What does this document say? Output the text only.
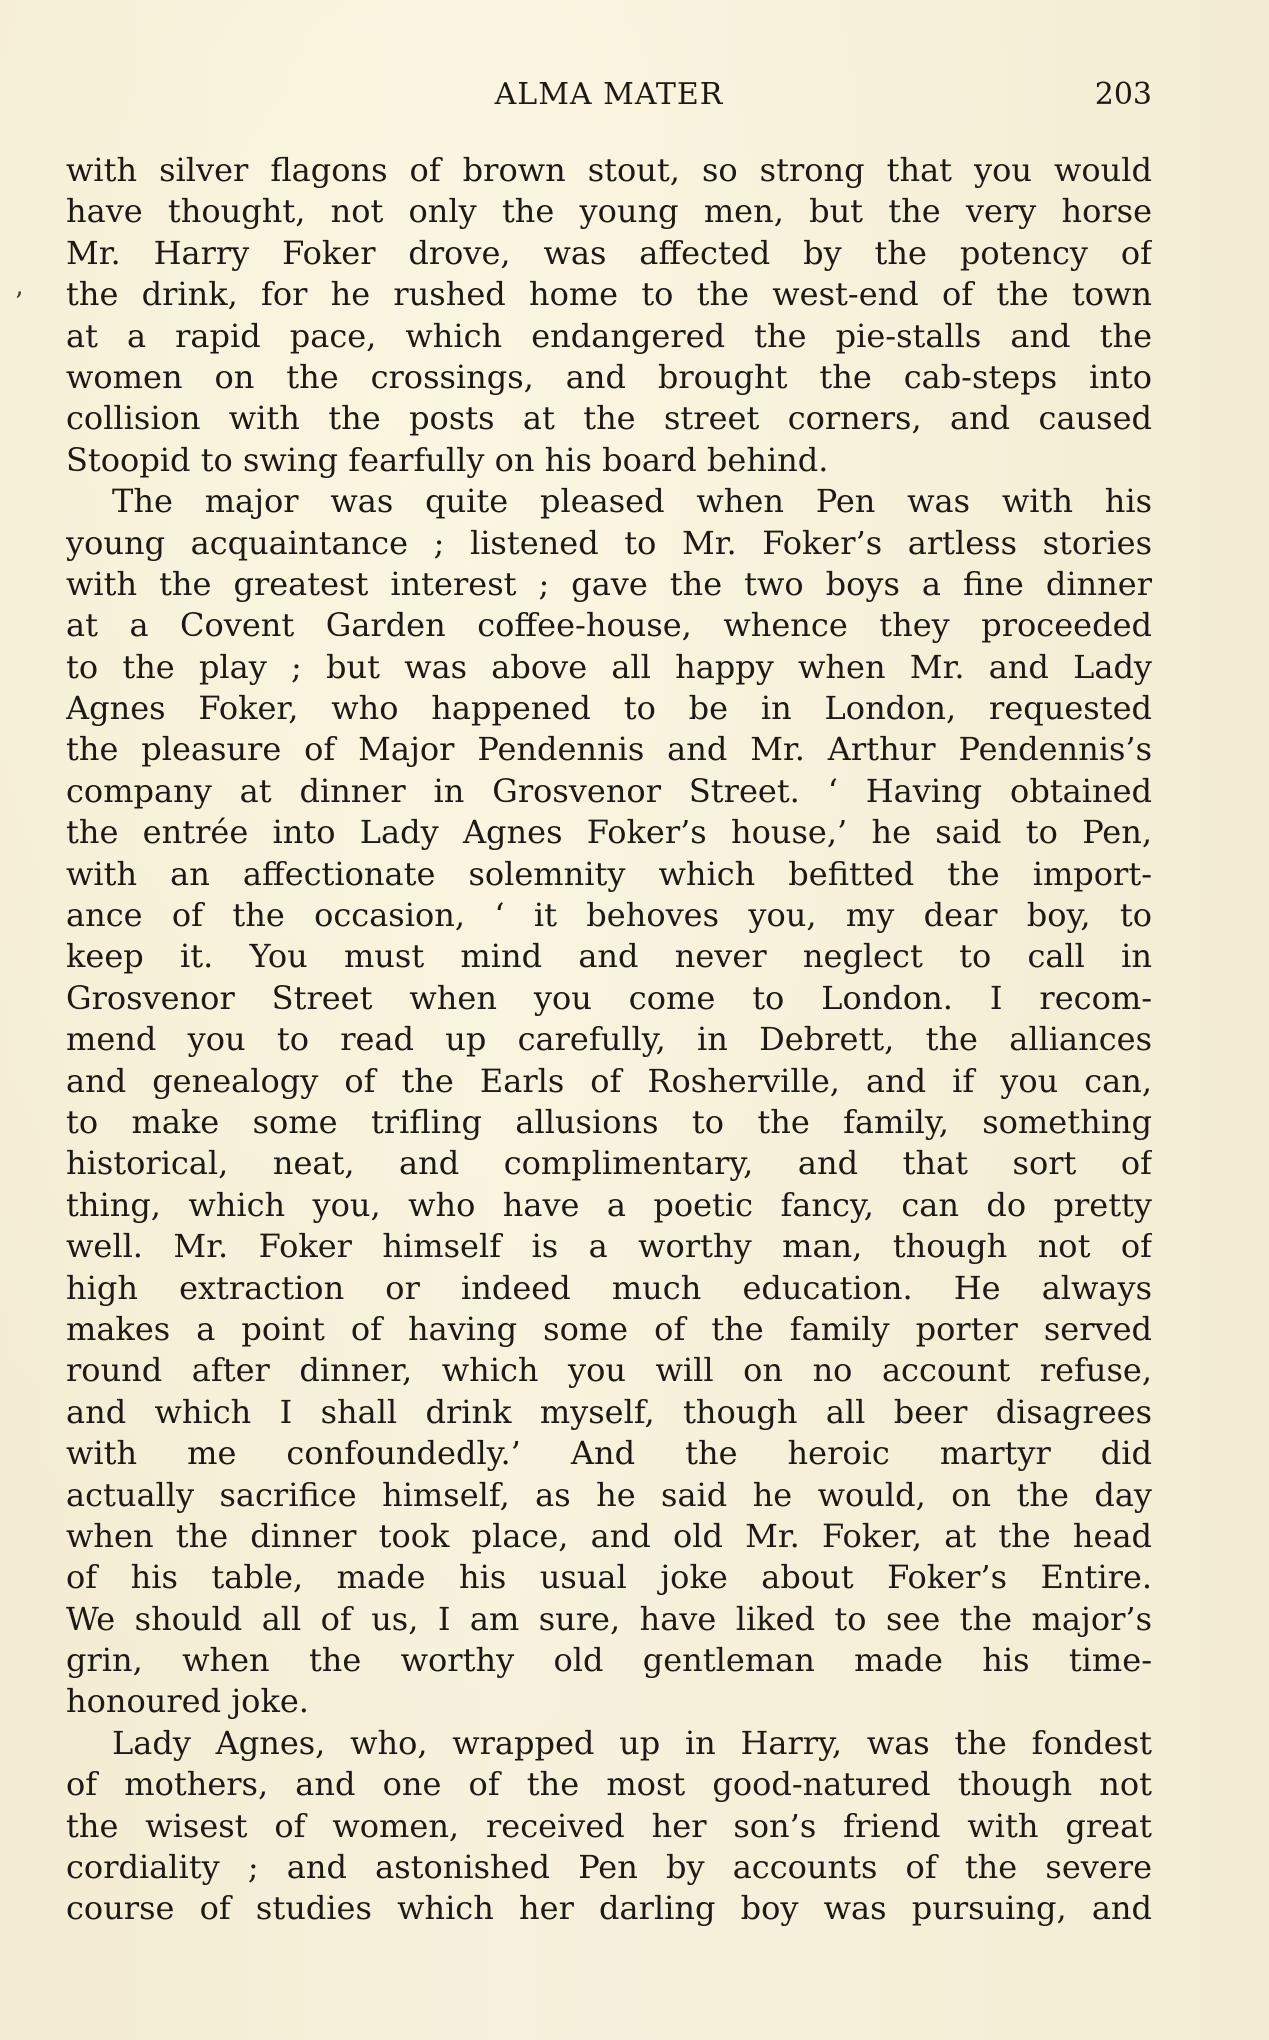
ALMA MATER	203
ʼ
with silver flagons of brown stout, so strong that you would
have thought, not only the young men, but the very horse
Mr. Harry Foker drove, was affected by the potency of
the drink, for he rushed home to the west-end of the town
at a rapid pace, which endangered the pie-stalls and the
women on the crossings, and brought the cab-steps into
collision with the posts at the street corners, and caused
Stoopid to swing fearfully on his board behind.
The major was quite pleased when Pen was with his
young acquaintance ; listened to Mr. Foker’s artless stories
with the greatest interest ; gave the two boys a fine dinner
at a Covent Garden coffee-house, whence they proceeded
to the play ; but was above all happy when Mr. and Lady
Agnes Foker, who happened to be in London, requested
the pleasure of Major Pendennis and Mr. Arthur Pendennis’s
company at dinner in Grosvenor Street. ‘ Having obtained
the entrée into Lady Agnes Foker’s house,’ he said to Pen,
with an affectionate solemnity which befitted the import-
ance of the occasion, ‘ it behoves you, my dear boy, to
keep it. You must mind and never neglect to call in
Grosvenor Street when you come to London. I recom-
mend you to read up carefully, in Debrett, the alliances
and genealogy of the Earls of Rosherville, and if you can,
to make some trifling allusions to the family, something
historical, neat, and complimentary, and that sort of
thing, which you, who have a poetic fancy, can do pretty
well. Mr. Foker himself is a worthy man, though not of
high extraction or indeed much education. He always
makes a point of having some of the family porter served
round after dinner, which you will on no account refuse,
and which I shall drink myself, though all beer disagrees
with me confoundedly.’ And the heroic martyr did
actually sacrifice himself, as he said he would, on the day
when the dinner took place, and old Mr. Foker, at the head
of his table, made his usual joke about Foker’s Entire.
We should all of us, I am sure, have liked to see the major’s
grin, when the worthy old gentleman made his time-
honoured joke.
Lady Agnes, who, wrapped up in Harry, was the fondest
of mothers, and one of the most good-natured though not
the wisest of women, received her son’s friend with great
cordiality ; and astonished Pen by accounts of the severe
course of studies which her darling boy was pursuing, and
